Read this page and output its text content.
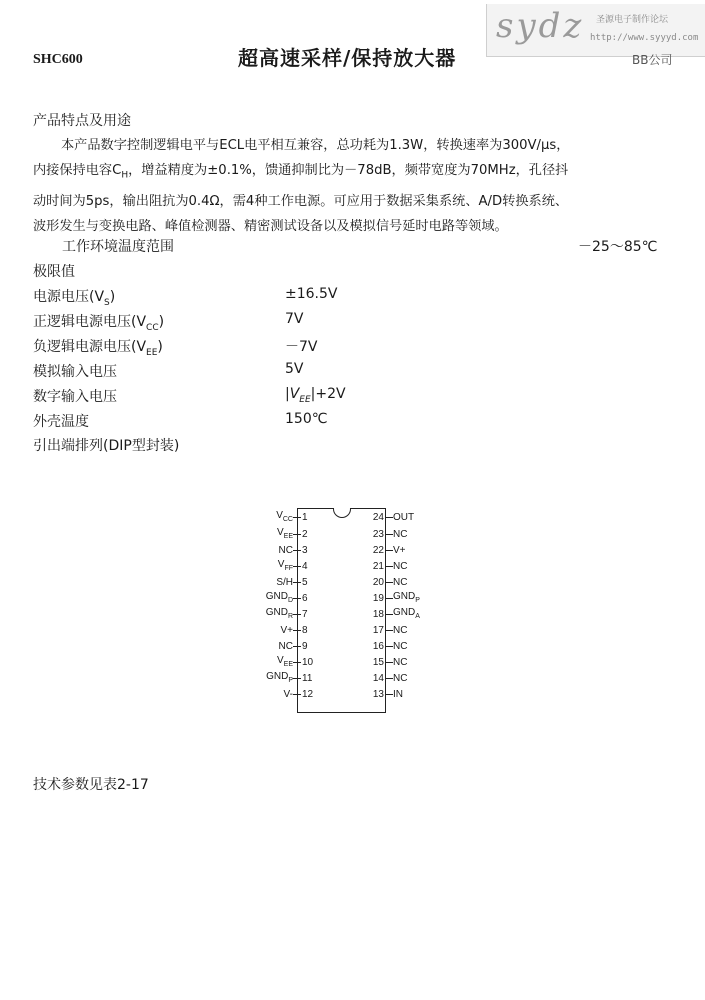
sydz 圣源电子制作论坛
http://www.syyyd.com
SHC600	超高速采样/保持放大器	BB公司
产品特点及用途

本产品数字控制逻辑电平与ECL电平相互兼容，总功耗为1.3W，转换速率为300V/μs，

内接保持电容$C_H$，增益精度为±0.1%，馈通抑制比为－78dB，频带宽度为70MHz，孔径抖

动时间为5ps，输出阻抗为0.4Ω，需4种工作电源。可应用于数据采集系统、A/D转换系统、

波形发生与变换电路、峰值检测器、精密测试设备以及模拟信号延时电路等领域。

工作环境温度范围	－25～85℃
极限值
电源电压$(V_S)$	±16.5V
正逻辑电源电压$(V_{CC})$	7V
负逻辑电源电压$(V_{EE})$	－7V
模拟输入电压	5V
数字输入电压	$|V_{EE}|+2V$
外壳温度	150℃
引出端排列(DIP型封装)
$V_{CC}$ 1
$V_{EE}$ 2
NC 3
$V_{FF}$ 4
S/H 5
$GND_D$ 6
$GND_R$ 7
V+ 8
NC 9
$V_{EE}$ 10
$GND_P$ 11
V- 12
24 OUT
23 NC
22 V+
21 NC
20 NC
19 $GND_P$
18 $GND_A$
17 NC
16 NC
15 NC
14 NC
13 IN
技术参数见表2-17
